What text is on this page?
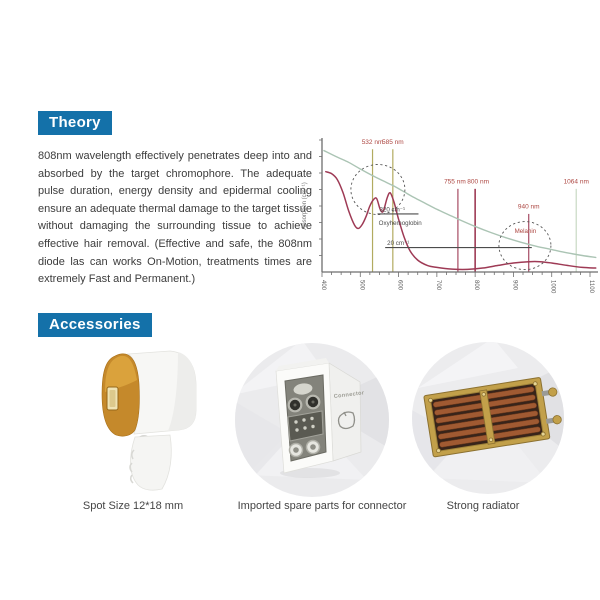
Theory

808nm wavelength effectively penetrates deep into and absorbed by the target chromophore. The adequate pulse duration, energy density and epidermal cooling ensure an adequate thermal damage to the target tissue without damaging the surrounding tissue to achieve effective hair removal. (Effective and safe, the 808nm diode las can works On-Motion, treatments times are extremely Fast and Permanent.)	400	500	600	700	800	900	1000	1100
Absorption (cm⁻¹)
532 nm
585 nm
755 nm 800 nm
940 nm
1064 nm
320 cm⁻¹
20 cm⁻¹
Oxyhemoglobin
Melanin
Accessories
Connector
Spot Size 12*18 mm	Imported spare parts for connector	Strong radiator
